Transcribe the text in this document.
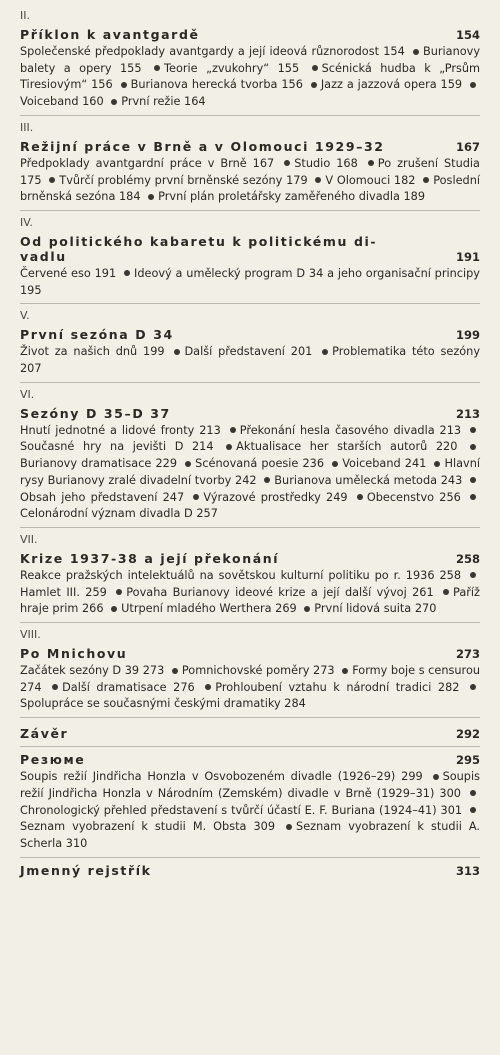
II.
Příklon k avantgardě	154
Společenské předpoklady avantgardy a její ideová různorodost 154 Burianovy balety a opery 155 Teorie „zvukohry“ 155 Scénická hudba k „Prsům Tiresiovým“ 156 Burianova herecká tvorba 156 Jazz a jazzová opera 159 Voiceband 160 První režie 164
III.
Režijní práce v Brně a v Olomouci 1929–32	167
Předpoklady avantgardní práce v Brně 167 Studio 168 Po zrušení Studia 175 Tvůrčí problémy první brněnské sezóny 179 V Olomouci 182 Poslední brněnská sezóna 184 První plán proletářsky zaměřeného divadla 189
IV.
Od politického kabaretu k politickému di-
vadlu	191
Červené eso 191 Ideový a umělecký program D 34 a jeho organisační principy 195
V.
První sezóna D 34	199
Život za našich dnů 199 Další představení 201 Problematika této sezóny 207
VI.
Sezóny D 35–D 37	213
Hnutí jednotné a lidové fronty 213 Překonání hesla časového divadla 213 Současné hry na jevišti D 214 Aktualisace her starších autorů 220 Burianovy dramatisace 229 Scénovaná poesie 236 Voiceband 241 Hlavní rysy Burianovy zralé divadelní tvorby 242 Burianova umělecká metoda 243 Obsah jeho představení 247 Výrazové prostředky 249 Obecenstvo 256 Celonárodní význam divadla D 257
VII.
Krize 1937-38 a její překonání	258
Reakce pražských intelektuálů na sovětskou kulturní politiku po r. 1936 258 Hamlet III. 259 Povaha Burianovy ideové krize a její další vývoj 261 Paříž hraje prim 266 Utrpení mladého Werthera 269 První lidová suita 270
VIII.
Po Mnichovu	273
Začátek sezóny D 39 273 Pomnichovské poměry 273 Formy boje s censurou 274 Další dramatisace 276 Prohloubení vztahu k národní tradici 282 Spolupráce se současnými českými dramatiky 284
Závěr	292
Резюме	295
Soupis režií Jindřicha Honzla v Osvobozeném divadle (1926–29) 299 Soupis režií Jindřicha Honzla v Národním (Zemském) divadle v Brně (1929–31) 300 Chronologický přehled představení s tvůrčí účastí E. F. Buriana (1924–41) 301 Seznam vyobrazení k studii M. Obsta 309 Seznam vyobrazení k studii A. Scherla 310
Jmenný rejstřík	313
